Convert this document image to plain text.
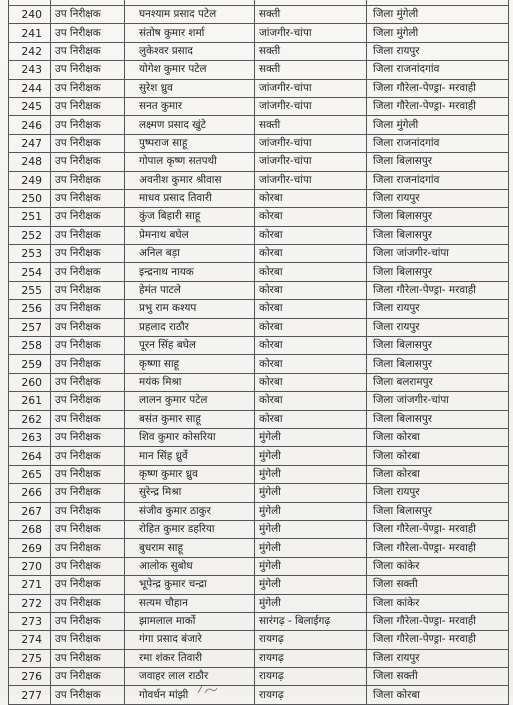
240	उप निरीक्षक	घनश्याम प्रसाद पटेल	सक्ती	जिला मुंगेली
241	उप निरीक्षक	संतोष कुमार शर्मा	जांजगीर-चांपा	जिला मुंगेली
242	उप निरीक्षक	लुकेश्वर प्रसाद	सक्ती	जिला रायपुर
243	उप निरीक्षक	योगेश कुमार पटेल	सक्ती	जिला राजनांदगांव
244	उप निरीक्षक	सुरेश ध्रुव	जांजगीर-चांपा	जिला गौरेला-पेण्ड्रा- मरवाही
245	उप निरीक्षक	सनत कुमार	जांजगीर-चांपा	जिला गौरेला-पेण्ड्रा- मरवाही
246	उप निरीक्षक	लक्ष्मण प्रसाद खुंटे	सक्ती	जिला मुंगेली
247	उप निरीक्षक	पुष्पराज साहू	जांजगीर-चांपा	जिला राजनांदगांव
248	उप निरीक्षक	गोपाल कृष्ण सतपथी	जांजगीर-चांपा	जिला बिलासपुर
249	उप निरीक्षक	अवनीश कुमार श्रीवास	जांजगीर-चांपा	जिला राजनांदगांव
250	उप निरीक्षक	माधव प्रसाद तिवारी	कोरबा	जिला रायपुर
251	उप निरीक्षक	कुंज बिहारी साहू	कोरबा	जिला बिलासपुर
252	उप निरीक्षक	प्रेमनाथ बघेल	कोरबा	जिला बिलासपुर
253	उप निरीक्षक	अनिल बड़ा	कोरबा	जिला जांजगीर-चांपा
254	उप निरीक्षक	इन्द्रनाथ नायक	कोरबा	जिला बिलासपुर
255	उप निरीक्षक	हेमंत पाटले	कोरबा	जिला गौरेला-पेण्ड्रा- मरवाही
256	उप निरीक्षक	प्रभु राम कश्यप	कोरबा	जिला रायपुर
257	उप निरीक्षक	प्रहलाद राठौर	कोरबा	जिला रायपुर
258	उप निरीक्षक	पूरन सिंह बघेल	कोरबा	जिला बिलासपुर
259	उप निरीक्षक	कृष्णा साहू	कोरबा	जिला बिलासपुर
260	उप निरीक्षक	मयंक मिश्रा	कोरबा	जिला बलरामपुर
261	उप निरीक्षक	लालन कुमार पटेल	कोरबा	जिला जांजगीर-चांपा
262	उप निरीक्षक	बसंत कुमार साहू	कोरबा	जिला बिलासपुर
263	उप निरीक्षक	शिव कुमार कोसरिया	मुंगेली	जिला कोरबा
264	उप निरीक्षक	मान सिंह ध्रुर्वे	मुंगेली	जिला कोरबा
265	उप निरीक्षक	कृष्ण कुमार ध्रुव	मुंगेली	जिला कोरबा
266	उप निरीक्षक	सुरेन्द्र मिश्रा	मुंगेली	जिला रायपुर
267	उप निरीक्षक	संजीव कुमार ठाकुर	मुंगेली	जिला बिलासपुर
268	उप निरीक्षक	रोहित कुमार डहरिया	मुंगेली	जिला गौरेला-पेण्ड्रा- मरवाही
269	उप निरीक्षक	बुधराम साहू	मुंगेली	जिला गौरेला-पेण्ड्रा- मरवाही
270	उप निरीक्षक	आलोक सुबोध	मुंगेली	जिला कांकेर
271	उप निरीक्षक	भूपेन्द्र कुमार चन्द्रा	मुंगेली	जिला सक्ती
272	उप निरीक्षक	सत्यम चौहान	मुंगेली	जिला कांकेर
273	उप निरीक्षक	झामलाल मार्को	सारंगढ़ - बिलाईगढ़	जिला गौरेला-पेण्ड्रा- मरवाही
274	उप निरीक्षक	गंगा प्रसाद बंजारे	रायगढ़	जिला गौरेला-पेण्ड्रा- मरवाही
275	उप निरीक्षक	रमा शंकर तिवारी	रायगढ़	जिला रायपुर
276	उप निरीक्षक	जवाहर लाल राठौर	रायगढ़	जिला सक्ती
277	उप निरीक्षक	गोवर्धन मांझी	रायगढ़	जिला कोरबा
